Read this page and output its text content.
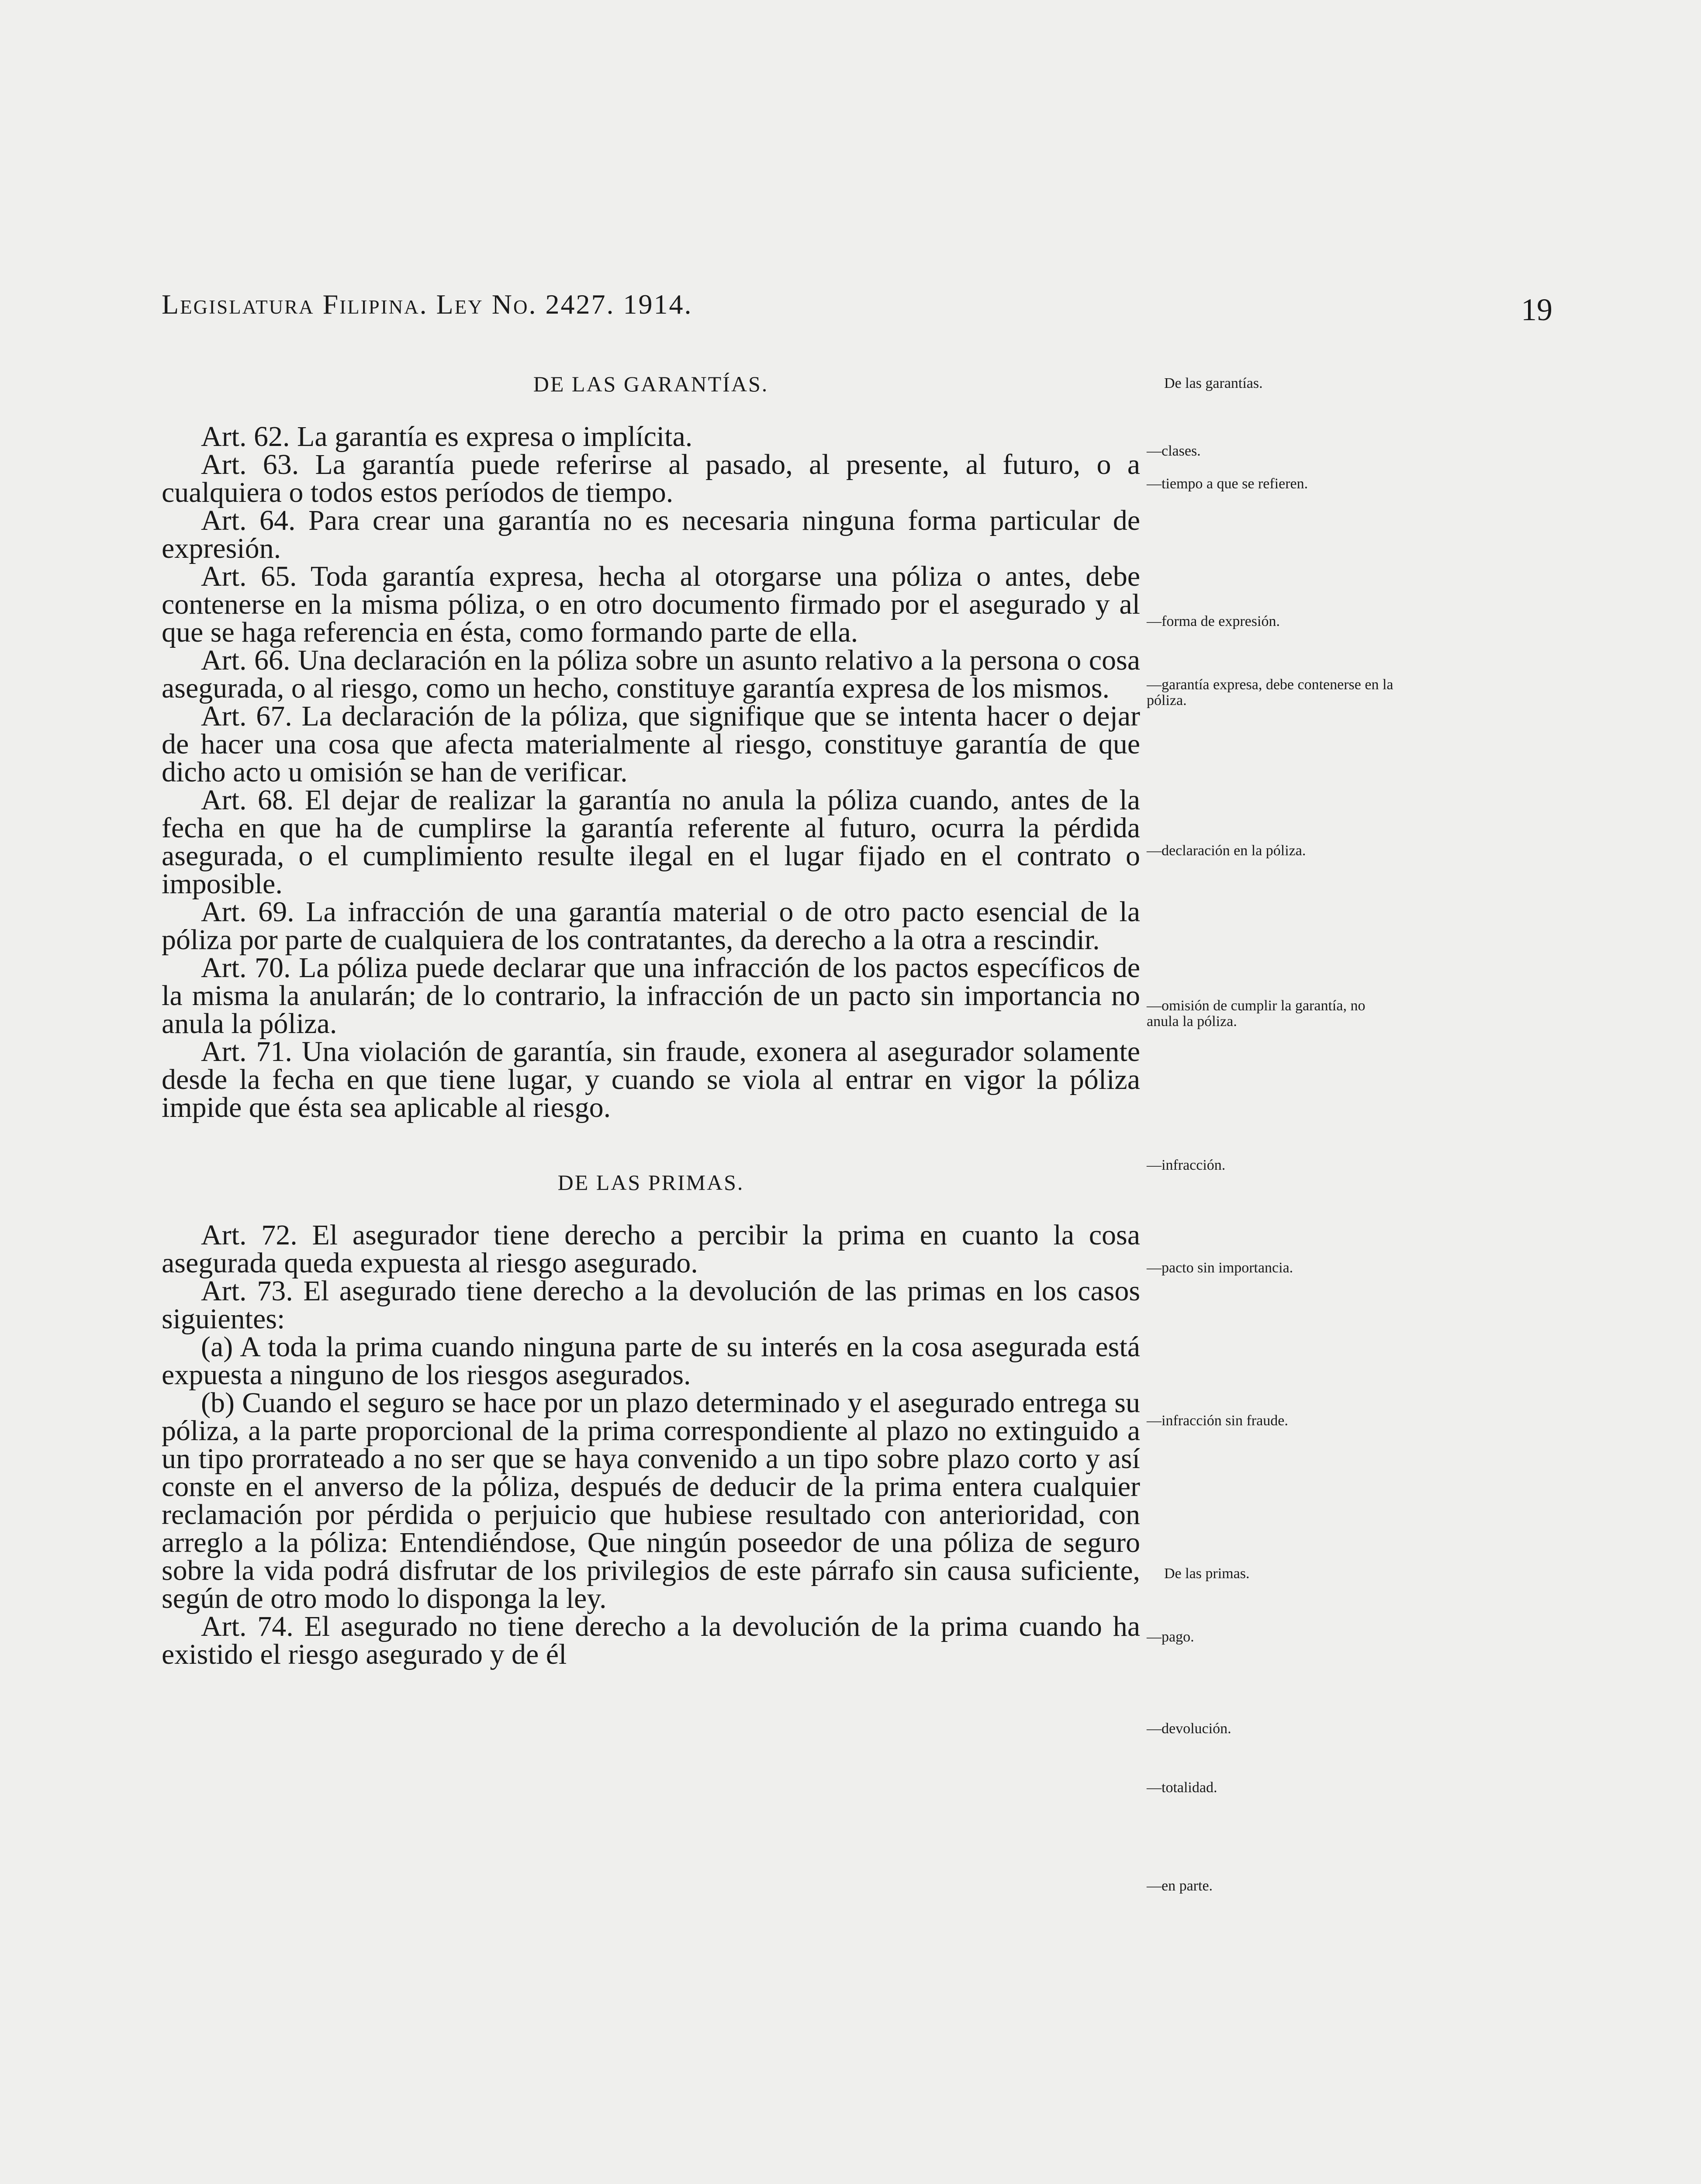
Legislatura Filipina. Ley No. 2427. 1914.	19
DE LAS GARANTÍAS.

Art. 62. La garantía es expresa o implícita.

Art. 63. La garantía puede referirse al pasado, al presente, al futuro, o a cualquiera o todos estos períodos de tiempo.

Art. 64. Para crear una garantía no es necesaria ninguna forma particular de expresión.

Art. 65. Toda garantía expresa, hecha al otorgarse una póliza o antes, debe contenerse en la misma póliza, o en otro documento firmado por el asegurado y al que se haga referencia en ésta, como formando parte de ella.

Art. 66. Una declaración en la póliza sobre un asunto relativo a la persona o cosa asegurada, o al riesgo, como un hecho, constituye garantía expresa de los mismos.

Art. 67. La declaración de la póliza, que signifique que se intenta hacer o dejar de hacer una cosa que afecta materialmente al riesgo, constituye garantía de que dicho acto u omisión se han de verificar.

Art. 68. El dejar de realizar la garantía no anula la póliza cuando, antes de la fecha en que ha de cumplirse la garantía referente al futuro, ocurra la pérdida asegurada, o el cumplimiento resulte ilegal en el lugar fijado en el contrato o imposible.

Art. 69. La infracción de una garantía material o de otro pacto esencial de la póliza por parte de cualquiera de los contratantes, da derecho a la otra a rescindir.

Art. 70. La póliza puede declarar que una infracción de los pactos específicos de la misma la anularán; de lo contrario, la infracción de un pacto sin importancia no anula la póliza.

Art. 71. Una violación de garantía, sin fraude, exonera al asegurador solamente desde la fecha en que tiene lugar, y cuando se viola al entrar en vigor la póliza impide que ésta sea aplicable al riesgo.

DE LAS PRIMAS.

Art. 72. El asegurador tiene derecho a percibir la prima en cuanto la cosa asegurada queda expuesta al riesgo asegurado.

Art. 73. El asegurado tiene derecho a la devolución de las primas en los casos siguientes:

(a) A toda la prima cuando ninguna parte de su interés en la cosa asegurada está expuesta a ninguno de los riesgos asegurados.

(b) Cuando el seguro se hace por un plazo determinado y el asegurado entrega su póliza, a la parte proporcional de la prima correspondiente al plazo no extinguido a un tipo prorrateado a no ser que se haya convenido a un tipo sobre plazo corto y así conste en el anverso de la póliza, después de deducir de la prima entera cualquier reclamación por pérdida o perjuicio que hubiese resultado con anterioridad, con arreglo a la póliza: Entendiéndose, Que ningún poseedor de una póliza de seguro sobre la vida podrá disfrutar de los privilegios de este párrafo sin causa suficiente, según de otro modo lo disponga la ley.

Art. 74. El asegurado no tiene derecho a la devolución de la prima cuando ha existido el riesgo asegurado y de él

De las garantías.
—clases.
—tiempo a que se refieren.
—forma de expresión.
—garantía expresa, debe contenerse en la póliza.
—declaración en la póliza.
—omisión de cumplir la garantía, no anula la póliza.
—infracción.
—pacto sin importancia.
—infracción sin fraude.
De las primas.
—pago.
—devolución.
—totalidad.
—en parte.
